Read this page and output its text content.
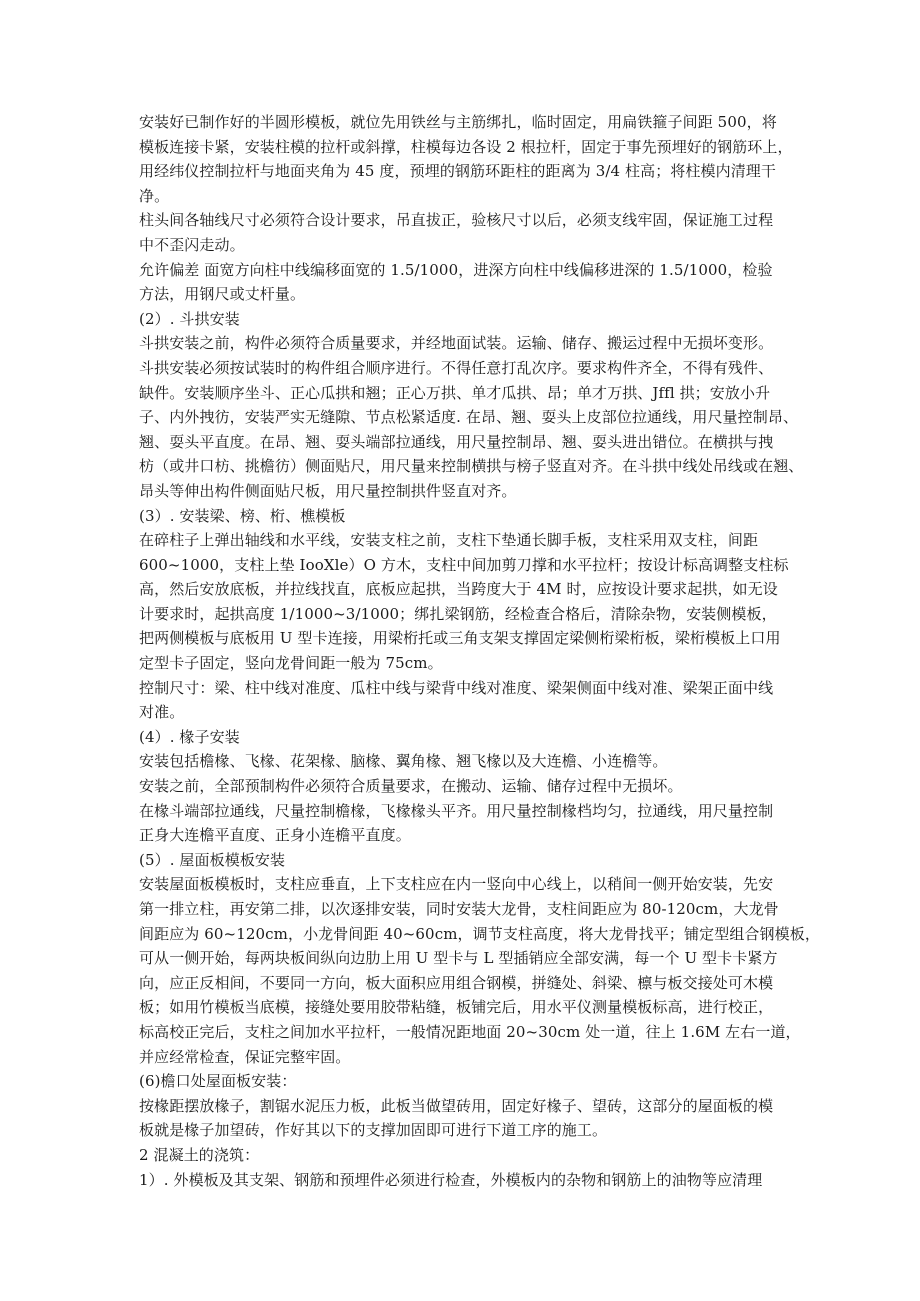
安装好已制作好的半圆形模板，就位先用铁丝与主筋绑扎，临时固定，用扁铁箍子间距 500，将
模板连接卡紧，安装柱模的拉杆或斜撑，柱模每边各设 2 根拉杆，固定于事先预埋好的钢筋环上，
用经纬仪控制拉杆与地面夹角为 45 度，预埋的钢筋环距柱的距离为 3/4 柱高；将柱模内清理干
净。
柱头间各轴线尺寸必须符合设计要求，吊直拔正，验核尺寸以后，必须支线牢固，保证施工过程
中不歪闪走动。
允许偏差 面宽方向柱中线编移面宽的 1.5/1000，进深方向柱中线偏移进深的 1.5/1000，检验
方法，用钢尺或丈杆量。
(2）. 斗拱安装
斗拱安装之前，构件必须符合质量要求，并经地面试装。运输、储存、搬运过程中无损坏变形。
斗拱安装必须按试装时的构件组合顺序进行。不得任意打乱次序。要求构件齐全，不得有残件、
缺件。安装顺序坐斗、正心瓜拱和翘；正心万拱、单才瓜拱、昂；单才万拱、Jffl 拱；安放小升
子、内外拽彷，安装严实无缝隙、节点松紧适度. 在昂、翘、耍头上皮部位拉通线，用尺量控制昂、
翘、耍头平直度。在昂、翘、耍头端部拉通线，用尺量控制昂、翘、耍头进出错位。在横拱与拽
枋（或井口枋、挑檐彷）侧面贴尺，用尺量来控制横拱与榜子竖直对齐。在斗拱中线处吊线或在翘、
昂头等伸出构件侧面贴尺板，用尺量控制拱件竖直对齐。
(3）. 安装梁、榜、桁、樵模板
在碎柱子上弹出轴线和水平线，安装支柱之前，支柱下垫通长脚手板，支柱采用双支柱，间距
600~1000，支柱上垫 IooXle）O 方木，支柱中间加剪刀撑和水平拉杆；按设计标高调整支柱标
高，然后安放底板，并拉线找直，底板应起拱，当跨度大于 4M 时，应按设计要求起拱，如无设
计要求时，起拱高度 1/1000~3/1000；绑扎梁钢筋，经检查合格后，清除杂物，安装侧模板，
把两侧模板与底板用 U 型卡连接，用梁桁托或三角支架支撑固定梁侧桁梁桁板，梁桁模板上口用
定型卡子固定，竖向龙骨间距一般为 75cm。
控制尺寸：梁、柱中线对准度、瓜柱中线与梁背中线对准度、梁架侧面中线对准、梁架正面中线
对准。
(4）. 椽子安装
安装包括檐椽、飞椽、花架椽、脑椽、翼角椽、翘飞椽以及大连檐、小连檐等。
安装之前，全部预制构件必须符合质量要求，在搬动、运输、储存过程中无损坏。
在椽斗端部拉通线，尺量控制檐椽，飞椽椽头平齐。用尺量控制椽档均匀，拉通线，用尺量控制
正身大连檐平直度、正身小连檐平直度。
(5）. 屋面板模板安装
安装屋面板模板时，支柱应垂直，上下支柱应在内一竖向中心线上，以稍间一侧开始安装，先安
第一排立柱，再安第二排，以次逐排安装，同时安装大龙骨，支柱间距应为 80-120cm，大龙骨
间距应为 60~120cm，小龙骨间距 40~60cm，调节支柱高度，将大龙骨找平；铺定型组合钢模板，
可从一侧开始，每两块板间纵向边肋上用 U 型卡与 L 型插销应全部安满，每一个 U 型卡卡紧方
向，应正反相间，不要同一方向，板大面积应用组合钢模，拼缝处、斜梁、檩与板交接处可木模
板；如用竹模板当底模，接缝处要用胶带粘缝，板铺完后，用水平仪测量模板标高，进行校正，
标高校正完后，支柱之间加水平拉杆，一般情况距地面 20~30cm 处一道，往上 1.6M 左右一道，
并应经常检查，保证完整牢固。
(6)檐口处屋面板安装：
按椽距摆放椽子，割锯水泥压力板，此板当做望砖用，固定好椽子、望砖，这部分的屋面板的模
板就是椽子加望砖，作好其以下的支撑加固即可进行下道工序的施工。
2 混凝土的浇筑：
1）. 外模板及其支架、钢筋和预埋件必须进行检查，外模板内的杂物和钢筋上的油物等应清理
